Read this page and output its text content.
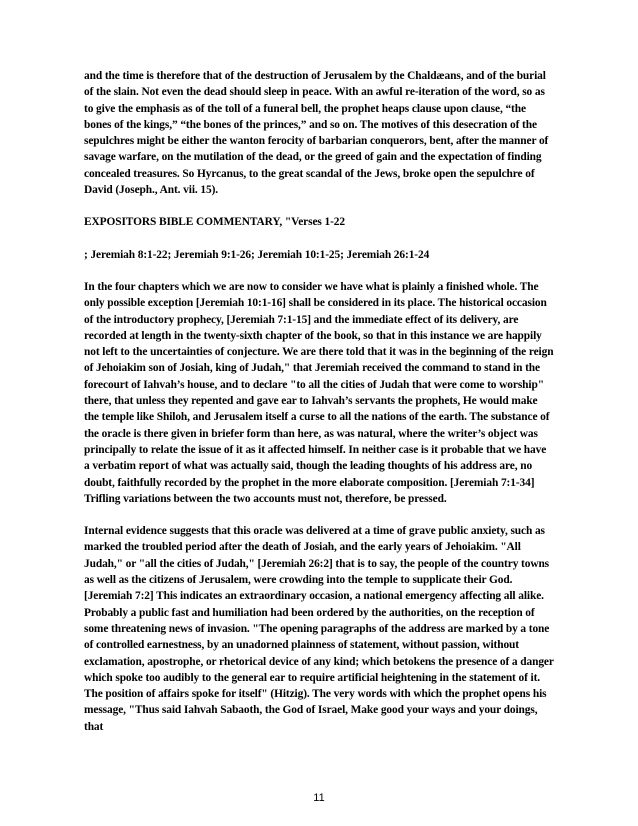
and the time is therefore that of the destruction of Jerusalem by the Chaldæans, and of the burial of the slain. Not even the dead should sleep in peace. With an awful re-iteration of the word, so as to give the emphasis as of the toll of a funeral bell, the prophet heaps clause upon clause, “the bones of the kings,” “the bones of the princes,” and so on. The motives of this desecration of the sepulchres might be either the wanton ferocity of barbarian conquerors, bent, after the manner of savage warfare, on the mutilation of the dead, or the greed of gain and the expectation of finding concealed treasures. So Hyrcanus, to the great scandal of the Jews, broke open the sepulchre of David (Joseph., Ant. vii. 15).

EXPOSITORS BIBLE COMMENTARY, "Verses 1-22

; Jeremiah 8:1-22; Jeremiah 9:1-26; Jeremiah 10:1-25; Jeremiah 26:1-24

In the four chapters which we are now to consider we have what is plainly a finished whole. The only possible exception [Jeremiah 10:1-16] shall be considered in its place. The historical occasion of the introductory prophecy, [Jeremiah 7:1-15] and the immediate effect of its delivery, are recorded at length in the twenty-sixth chapter of the book, so that in this instance we are happily not left to the uncertainties of conjecture. We are there told that it was in the beginning of the reign of Jehoiakim son of Josiah, king of Judah," that Jeremiah received the command to stand in the forecourt of Iahvah’s house, and to declare "to all the cities of Judah that were come to worship" there, that unless they repented and gave ear to Iahvah’s servants the prophets, He would make the temple like Shiloh, and Jerusalem itself a curse to all the nations of the earth. The substance of the oracle is there given in briefer form than here, as was natural, where the writer’s object was principally to relate the issue of it as it affected himself. In neither case is it probable that we have a verbatim report of what was actually said, though the leading thoughts of his address are, no doubt, faithfully recorded by the prophet in the more elaborate composition. [Jeremiah 7:1-34] Trifling variations between the two accounts must not, therefore, be pressed.

Internal evidence suggests that this oracle was delivered at a time of grave public anxiety, such as marked the troubled period after the death of Josiah, and the early years of Jehoiakim. "All Judah," or "all the cities of Judah," [Jeremiah 26:2] that is to say, the people of the country towns as well as the citizens of Jerusalem, were crowding into the temple to supplicate their God. [Jeremiah 7:2] This indicates an extraordinary occasion, a national emergency affecting all alike. Probably a public fast and humiliation had been ordered by the authorities, on the reception of some threatening news of invasion. "The opening paragraphs of the address are marked by a tone of controlled earnestness, by an unadorned plainness of statement, without passion, without exclamation, apostrophe, or rhetorical device of any kind; which betokens the presence of a danger which spoke too audibly to the general ear to require artificial heightening in the statement of it. The position of affairs spoke for itself" (Hitzig). The very words with which the prophet opens his message, "Thus said Iahvah Sabaoth, the God of Israel, Make good your ways and your doings, that

11
